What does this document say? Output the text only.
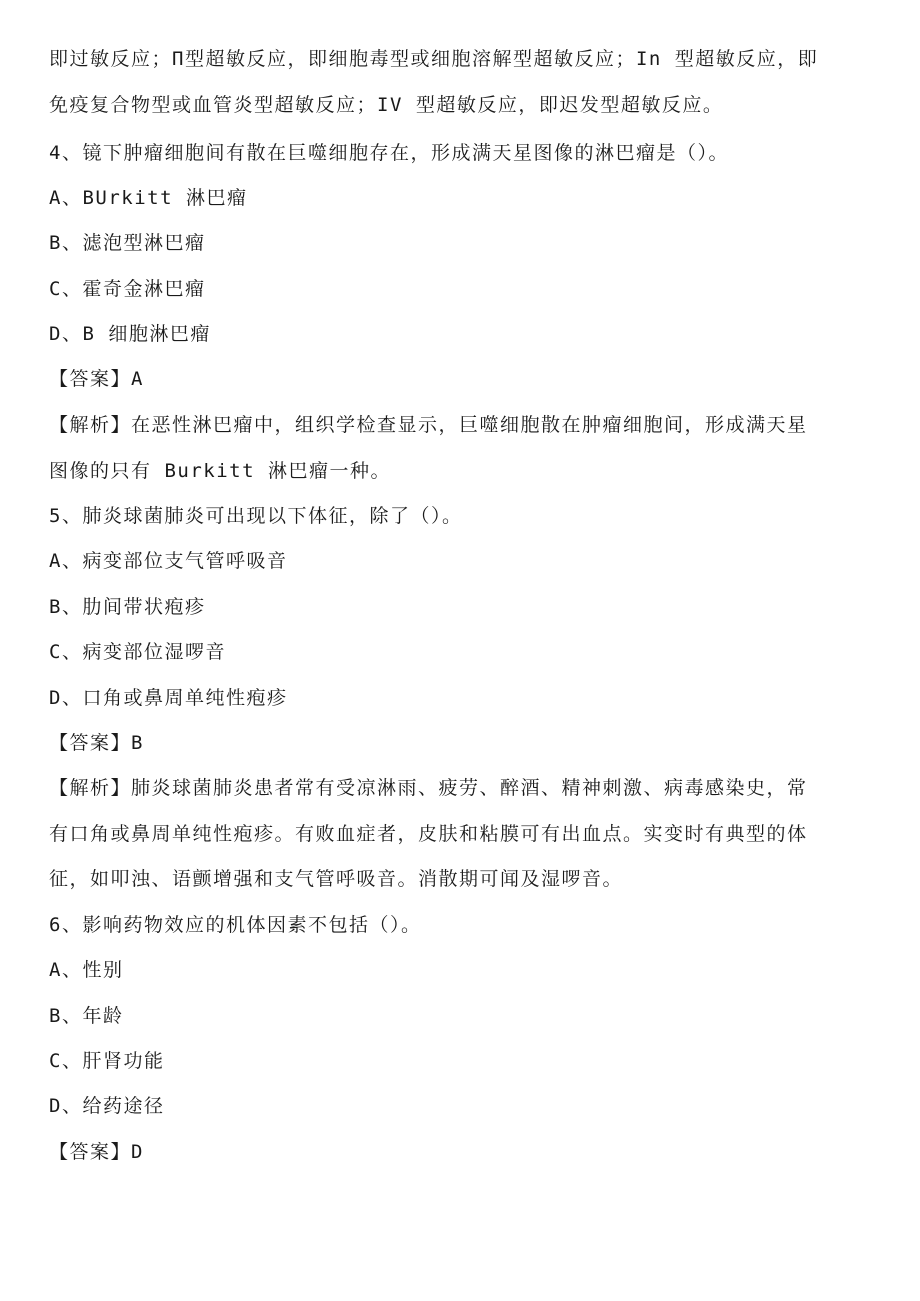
即过敏反应；Π型超敏反应，即细胞毒型或细胞溶解型超敏反应；In 型超敏反应，即
免疫复合物型或血管炎型超敏反应；IV 型超敏反应，即迟发型超敏反应。
4、镜下肿瘤细胞间有散在巨噬细胞存在，形成满天星图像的淋巴瘤是（）。
A、BUrkitt 淋巴瘤
B、滤泡型淋巴瘤
C、霍奇金淋巴瘤
D、B 细胞淋巴瘤
【答案】A
【解析】在恶性淋巴瘤中，组织学检查显示，巨噬细胞散在肿瘤细胞间，形成满天星
图像的只有 Burkitt 淋巴瘤一种。
5、肺炎球菌肺炎可出现以下体征，除了（）。
A、病变部位支气管呼吸音
B、肋间带状疱疹
C、病变部位湿啰音
D、口角或鼻周单纯性疱疹
【答案】B
【解析】肺炎球菌肺炎患者常有受凉淋雨、疲劳、醉酒、精神刺激、病毒感染史，常
有口角或鼻周单纯性疱疹。有败血症者，皮肤和粘膜可有出血点。实变时有典型的体
征，如叩浊、语颤增强和支气管呼吸音。消散期可闻及湿啰音。
6、影响药物效应的机体因素不包括（）。
A、性别
B、年龄
C、肝肾功能
D、给药途径
【答案】D
